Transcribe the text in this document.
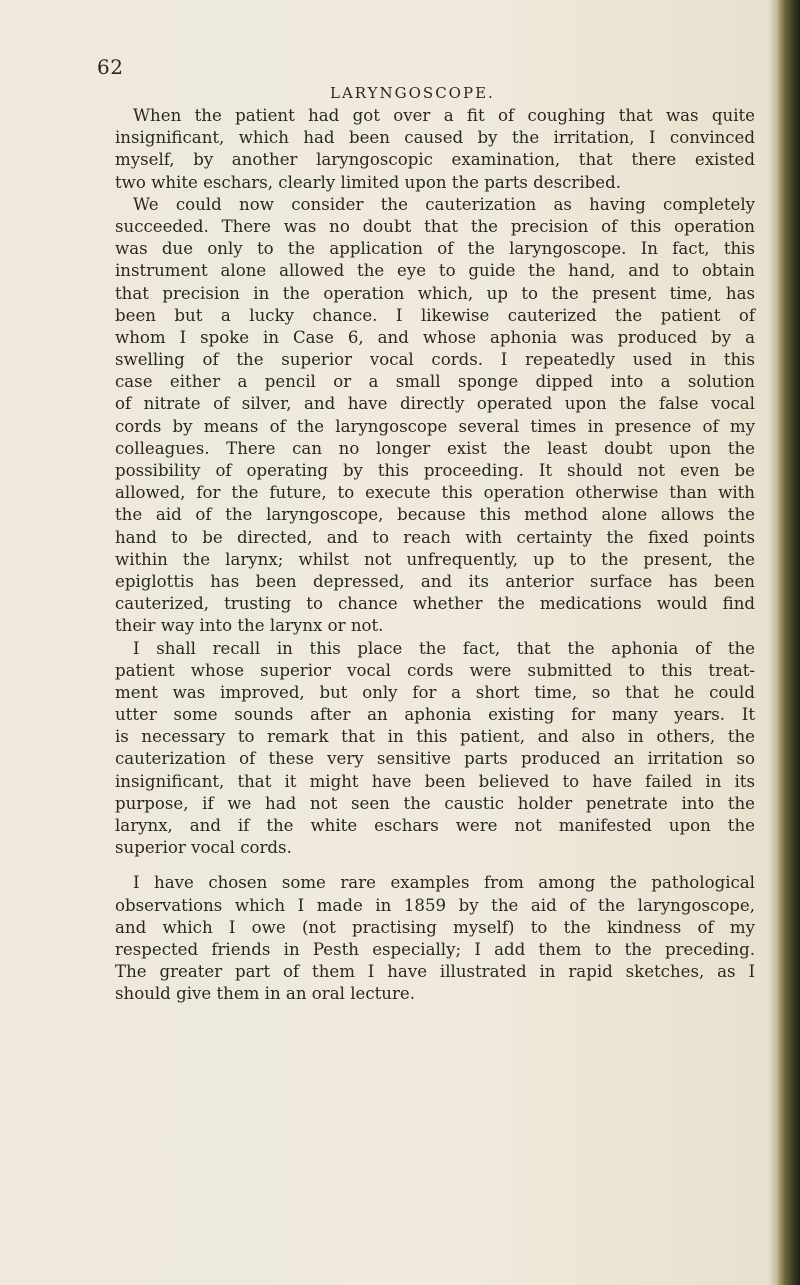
62
LARYNGOSCOPE.
When the patient had got over a fit of coughing that was quite
insignificant, which had been caused by the irritation, I convinced
myself, by another laryngoscopic examination, that there existed
two white eschars, clearly limited upon the parts described.
We could now consider the cauterization as having completely
succeeded. There was no doubt that the precision of this operation
was due only to the application of the laryngoscope. In fact, this
instrument alone allowed the eye to guide the hand, and to obtain
that precision in the operation which, up to the present time, has
been but a lucky chance. I likewise cauterized the patient of
whom I spoke in Case 6, and whose aphonia was produced by a
swelling of the superior vocal cords. I repeatedly used in this
case either a pencil or a small sponge dipped into a solution
of nitrate of silver, and have directly operated upon the false vocal
cords by means of the laryngoscope several times in presence of my
colleagues. There can no longer exist the least doubt upon the
possibility of operating by this proceeding. It should not even be
allowed, for the future, to execute this operation otherwise than with
the aid of the laryngoscope, because this method alone allows the
hand to be directed, and to reach with certainty the fixed points
within the larynx; whilst not unfrequently, up to the present, the
epiglottis has been depressed, and its anterior surface has been
cauterized, trusting to chance whether the medications would find
their way into the larynx or not.
I shall recall in this place the fact, that the aphonia of the
patient whose superior vocal cords were submitted to this treat-
ment was improved, but only for a short time, so that he could
utter some sounds after an aphonia existing for many years. It
is necessary to remark that in this patient, and also in others, the
cauterization of these very sensitive parts produced an irritation so
insignificant, that it might have been believed to have failed in its
purpose, if we had not seen the caustic holder penetrate into the
larynx, and if the white eschars were not manifested upon the
superior vocal cords.
I have chosen some rare examples from among the pathological
observations which I made in 1859 by the aid of the laryngoscope,
and which I owe (not practising myself) to the kindness of my
respected friends in Pesth especially; I add them to the preceding.
The greater part of them I have illustrated in rapid sketches, as I
should give them in an oral lecture.
